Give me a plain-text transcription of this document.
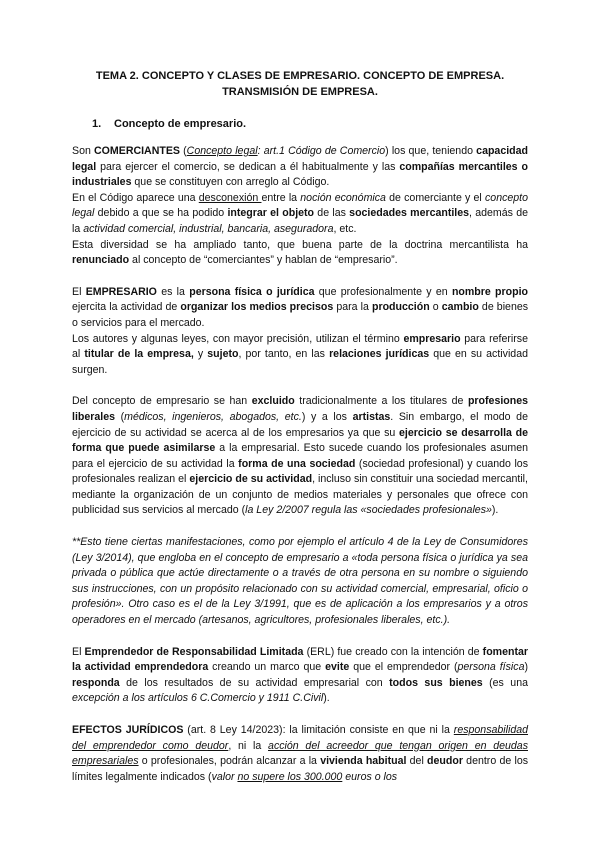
TEMA 2. CONCEPTO Y CLASES DE EMPRESARIO. CONCEPTO DE EMPRESA.
TRANSMISIÓN DE EMPRESA.
1. Concepto de empresario.

Son COMERCIANTES (Concepto legal: art.1 Código de Comercio) los que, teniendo capacidad legal para ejercer el comercio, se dedican a él habitualmente y las compañías mercantiles o industriales que se constituyen con arreglo al Código.

En el Código aparece una desconexión entre la noción económica de comerciante y el concepto legal debido a que se ha podido integrar el objeto de las sociedades mercantiles, además de la actividad comercial, industrial, bancaria, aseguradora, etc.

Esta diversidad se ha ampliado tanto, que buena parte de la doctrina mercantilista ha renunciado al concepto de “comerciantes” y hablan de “empresario”.

El EMPRESARIO es la persona física o jurídica que profesionalmente y en nombre propio ejercita la actividad de organizar los medios precisos para la producción o cambio de bienes o servicios para el mercado.

Los autores y algunas leyes, con mayor precisión, utilizan el término empresario para referirse al titular de la empresa, y sujeto, por tanto, en las relaciones jurídicas que en su actividad surgen.

Del concepto de empresario se han excluido tradicionalmente a los titulares de profesiones liberales (médicos, ingenieros, abogados, etc.) y a los artistas. Sin embargo, el modo de ejercicio de su actividad se acerca al de los empresarios ya que su ejercicio se desarrolla de forma que puede asimilarse a la empresarial. Esto sucede cuando los profesionales asumen para el ejercicio de su actividad la forma de una sociedad (sociedad profesional) y cuando los profesionales realizan el ejercicio de su actividad, incluso sin constituir una sociedad mercantil, mediante la organización de un conjunto de medios materiales y personales que ofrece con publicidad sus servicios al mercado (la Ley 2/2007 regula las «sociedades profesionales»).

**Esto tiene ciertas manifestaciones, como por ejemplo el artículo 4 de la Ley de Consumidores (Ley 3/2014), que engloba en el concepto de empresario a «toda persona física o jurídica ya sea privada o pública que actúe directamente o a través de otra persona en su nombre o siguiendo sus instrucciones, con un propósito relacionado con su actividad comercial, empresarial, oficio o profesión». Otro caso es el de la Ley 3/1991, que es de aplicación a los empresarios y a otros operadores en el mercado (artesanos, agricultores, profesionales liberales, etc.).

El Emprendedor de Responsabilidad Limitada (ERL) fue creado con la intención de fomentar la actividad emprendedora creando un marco que evite que el emprendedor (persona física) responda de los resultados de su actividad empresarial con todos sus bienes (es una excepción a los artículos 6 C.Comercio y 1911 C.Civil).

EFECTOS JURÍDICOS (art. 8 Ley 14/2023): la limitación consiste en que ni la responsabilidad del emprendedor como deudor, ni la acción del acreedor que tengan origen en deudas empresariales o profesionales, podrán alcanzar a la vivienda habitual del deudor dentro de los límites legalmente indicados (valor no supere los 300.000 euros o los
